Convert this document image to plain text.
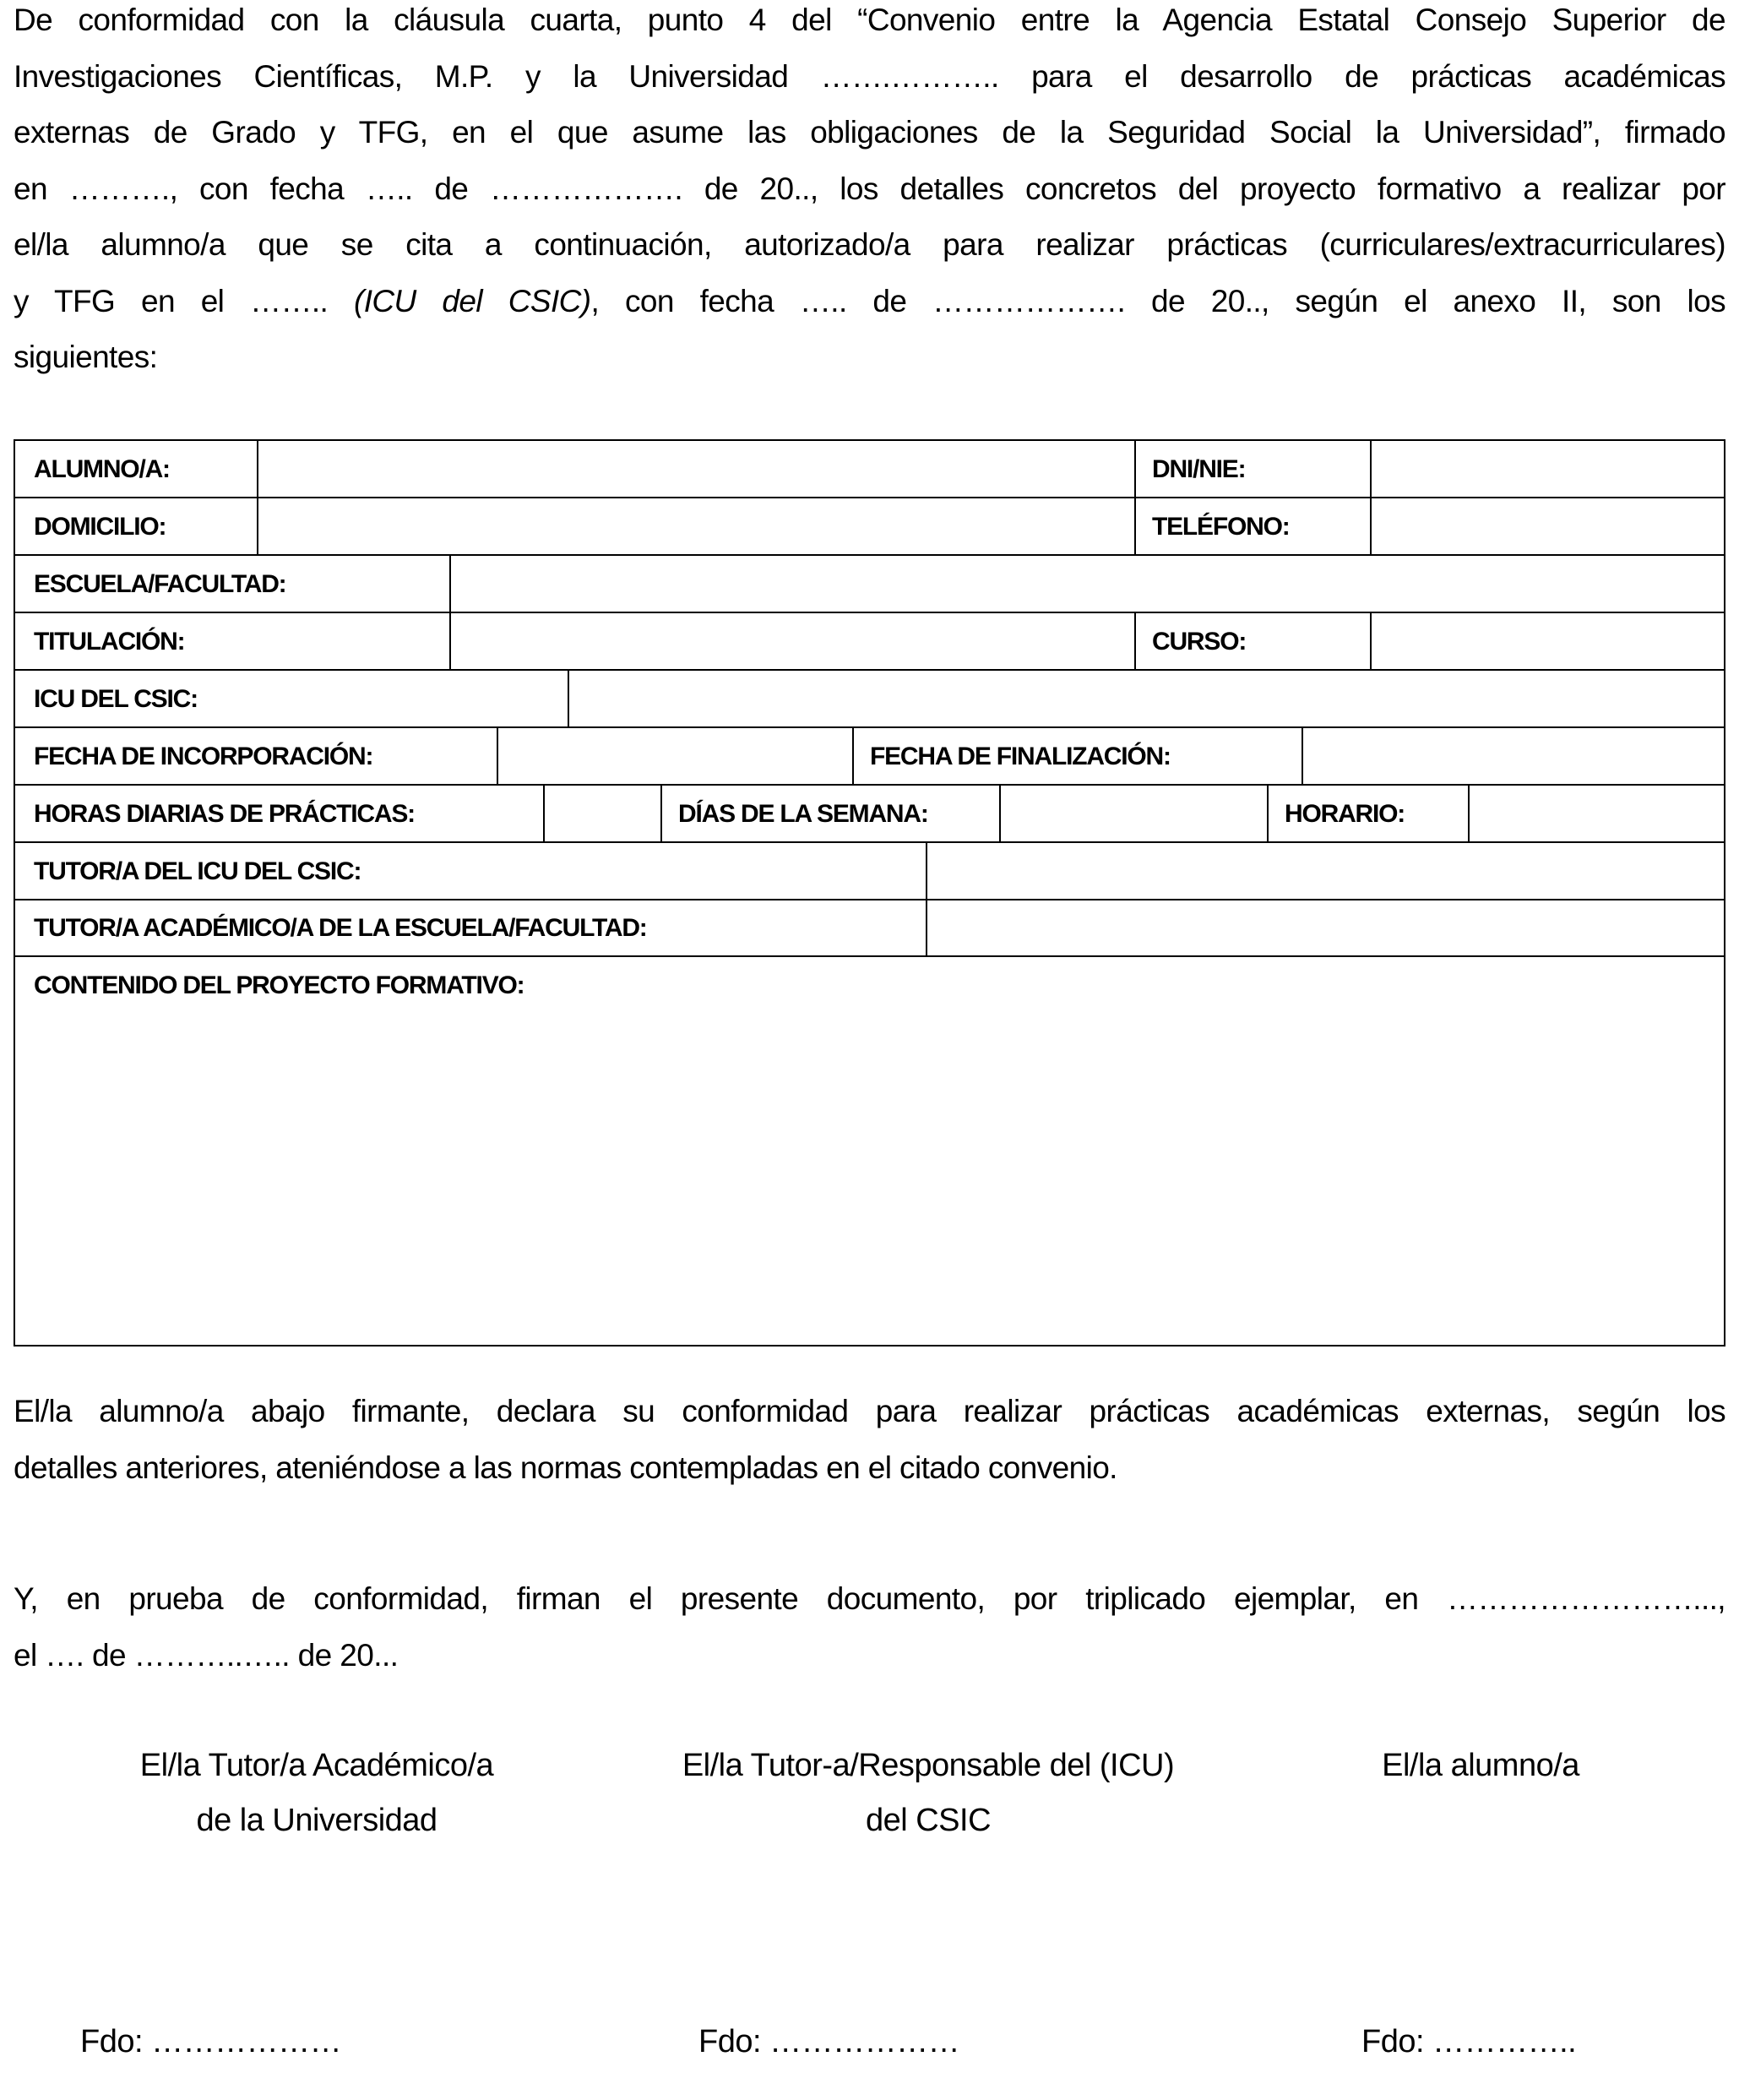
De conformidad con la cláusula cuarta, punto 4 del “Convenio entre la Agencia Estatal Consejo Superior de
Investigaciones Científicas, M.P. y la Universidad …….……….. para el desarrollo de prácticas académicas
externas de Grado y TFG, en el que asume las obligaciones de la Seguridad Social la Universidad”, firmado
en ………., con fecha ….. de ………………. de 20.., los detalles concretos del proyecto formativo a realizar por
el/la alumno/a que se cita a continuación, autorizado/a para realizar prácticas (curriculares/extracurriculares)
y TFG en el …….. (ICU del CSIC), con fecha ….. de ………………. de 20.., según el anexo II, son los
siguientes:
ALUMNO/A:	DNI/NIE:
DOMICILIO:	TELÉFONO:
ESCUELA/FACULTAD:
TITULACIÓN:	CURSO:
ICU DEL CSIC:
FECHA DE INCORPORACIÓN:	FECHA DE FINALIZACIÓN:
HORAS DIARIAS DE PRÁCTICAS:	DÍAS DE LA SEMANA:	HORARIO:
TUTOR/A DEL ICU DEL CSIC:
TUTOR/A ACADÉMICO/A DE LA ESCUELA/FACULTAD:
CONTENIDO DEL PROYECTO FORMATIVO:
El/la alumno/a abajo firmante, declara su conformidad para realizar prácticas académicas externas, según los
detalles anteriores, ateniéndose a las normas contempladas en el citado convenio.
Y, en prueba de conformidad, firman el presente documento, por triplicado ejemplar, en ……………………...,
el …. de ………..….. de 20...
El/la Tutor/a Académico/a
de la Universidad
El/la Tutor-a/Responsable del (ICU)
del CSIC
El/la alumno/a
Fdo: ………………	Fdo: ………………	Fdo: …………..
